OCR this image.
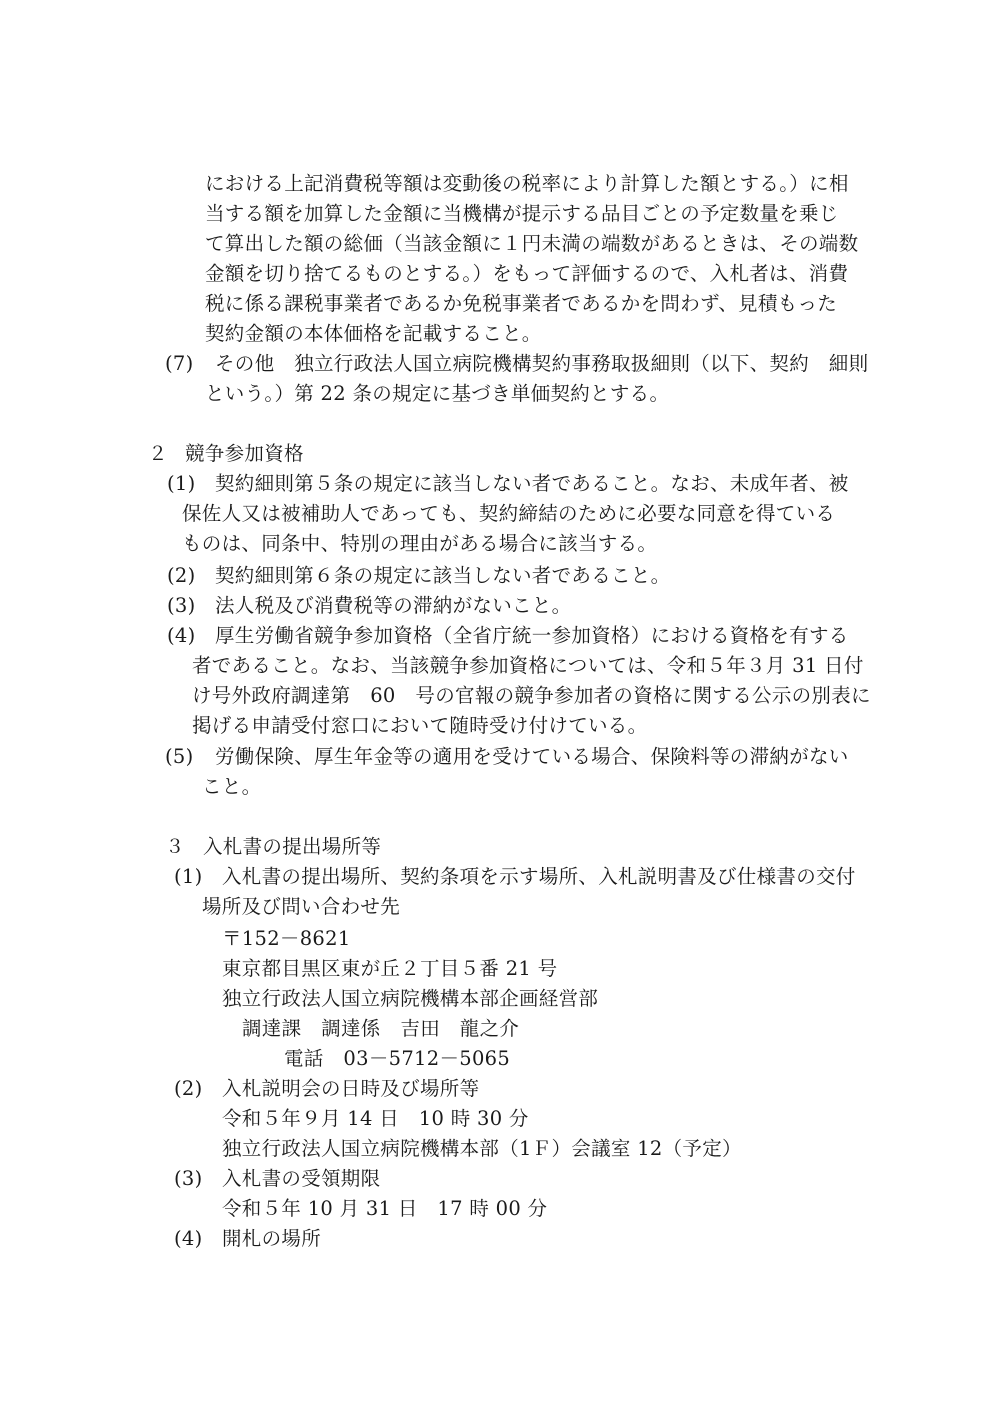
における上記消費税等額は変動後の税率により計算した額とする。）に相
当する額を加算した金額に当機構が提示する品目ごとの予定数量を乗じ
て算出した額の総価（当該金額に１円未満の端数があるときは、その端数
金額を切り捨てるものとする。）をもって評価するので、入札者は、消費
税に係る課税事業者であるか免税事業者であるかを問わず、見積もった
契約金額の本体価格を記載すること。
(7) その他　独立行政法人国立病院機構契約事務取扱細則（以下、契約　細則
という。）第 22 条の規定に基づき単価契約とする。
２ 競争参加資格
(1) 契約細則第５条の規定に該当しない者であること。なお、未成年者、被
保佐人又は被補助人であっても、契約締結のために必要な同意を得ている
ものは、同条中、特別の理由がある場合に該当する。
(2) 契約細則第６条の規定に該当しない者であること。
(3) 法人税及び消費税等の滞納がないこと。
(4) 厚生労働省競争参加資格（全省庁統一参加資格）における資格を有する
者であること。なお、当該競争参加資格については、令和５年３月 31 日付
け号外政府調達第　60　号の官報の競争参加者の資格に関する公示の別表に
掲げる申請受付窓口において随時受け付けている。
(5) 労働保険、厚生年金等の適用を受けている場合、保険料等の滞納がない
こと。
３ 入札書の提出場所等
(1) 入札書の提出場所、契約条項を示す場所、入札説明書及び仕様書の交付
場所及び問い合わせ先
〒152－8621
東京都目黒区東が丘２丁目５番 21 号
独立行政法人国立病院機構本部企画経営部
調達課　調達係　吉田　龍之介
電話　03－5712－5065
(2) 入札説明会の日時及び場所等
令和５年９月 14 日　10 時 30 分
独立行政法人国立病院機構本部（1Ｆ）会議室 12（予定）
(3) 入札書の受領期限
令和５年 10 月 31 日　17 時 00 分
(4) 開札の場所
